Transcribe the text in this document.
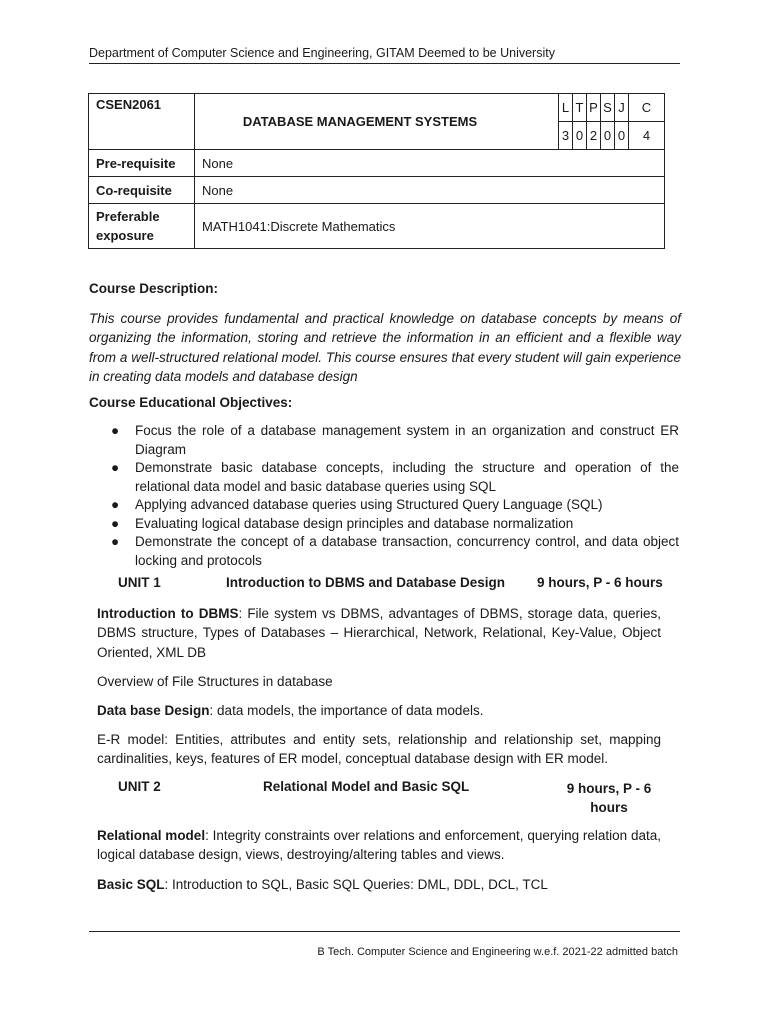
Department of Computer Science and Engineering, GITAM Deemed to be University
CSEN2061	DATABASE MANAGEMENT SYSTEMS	L	T	P	S	J	C
		3	0	2	0	0	4
Pre-requisite	None						
Co-requisite	None						
Preferable
exposure	MATH1041:Discrete Mathematics						
Course Description:
This course provides fundamental and practical knowledge on database concepts by means of organizing the information, storing and retrieve the information in an efficient and a flexible way from a well-structured relational model. This course ensures that every student will gain experience in creating data models and database design
Course Educational Objectives:
● Focus the role of a database management system in an organization and construct ER Diagram
● Demonstrate basic database concepts, including the structure and operation of the relational data model and basic database queries using SQL
● Applying advanced database queries using Structured Query Language (SQL)
● Evaluating logical database design principles and database normalization
● Demonstrate the concept of a database transaction, concurrency control, and data object locking and protocols
UNIT 1	Introduction to DBMS and Database Design 9 hours, P - 6 hours
Introduction to DBMS: File system vs DBMS, advantages of DBMS, storage data, queries, DBMS structure, Types of Databases – Hierarchical, Network, Relational, Key-Value, Object Oriented, XML DB
Overview of File Structures in database
Data base Design: data models, the importance of data models.
E-R model: Entities, attributes and entity sets, relationship and relationship set, mapping cardinalities, keys, features of ER model, conceptual database design with ER model.
UNIT 2	Relational Model and Basic SQL	9 hours, P - 6
hours
Relational model: Integrity constraints over relations and enforcement, querying relation data, logical database design, views, destroying/altering tables and views.
Basic SQL: Introduction to SQL, Basic SQL Queries: DML, DDL, DCL, TCL
B Tech. Computer Science and Engineering w.e.f. 2021-22 admitted batch
